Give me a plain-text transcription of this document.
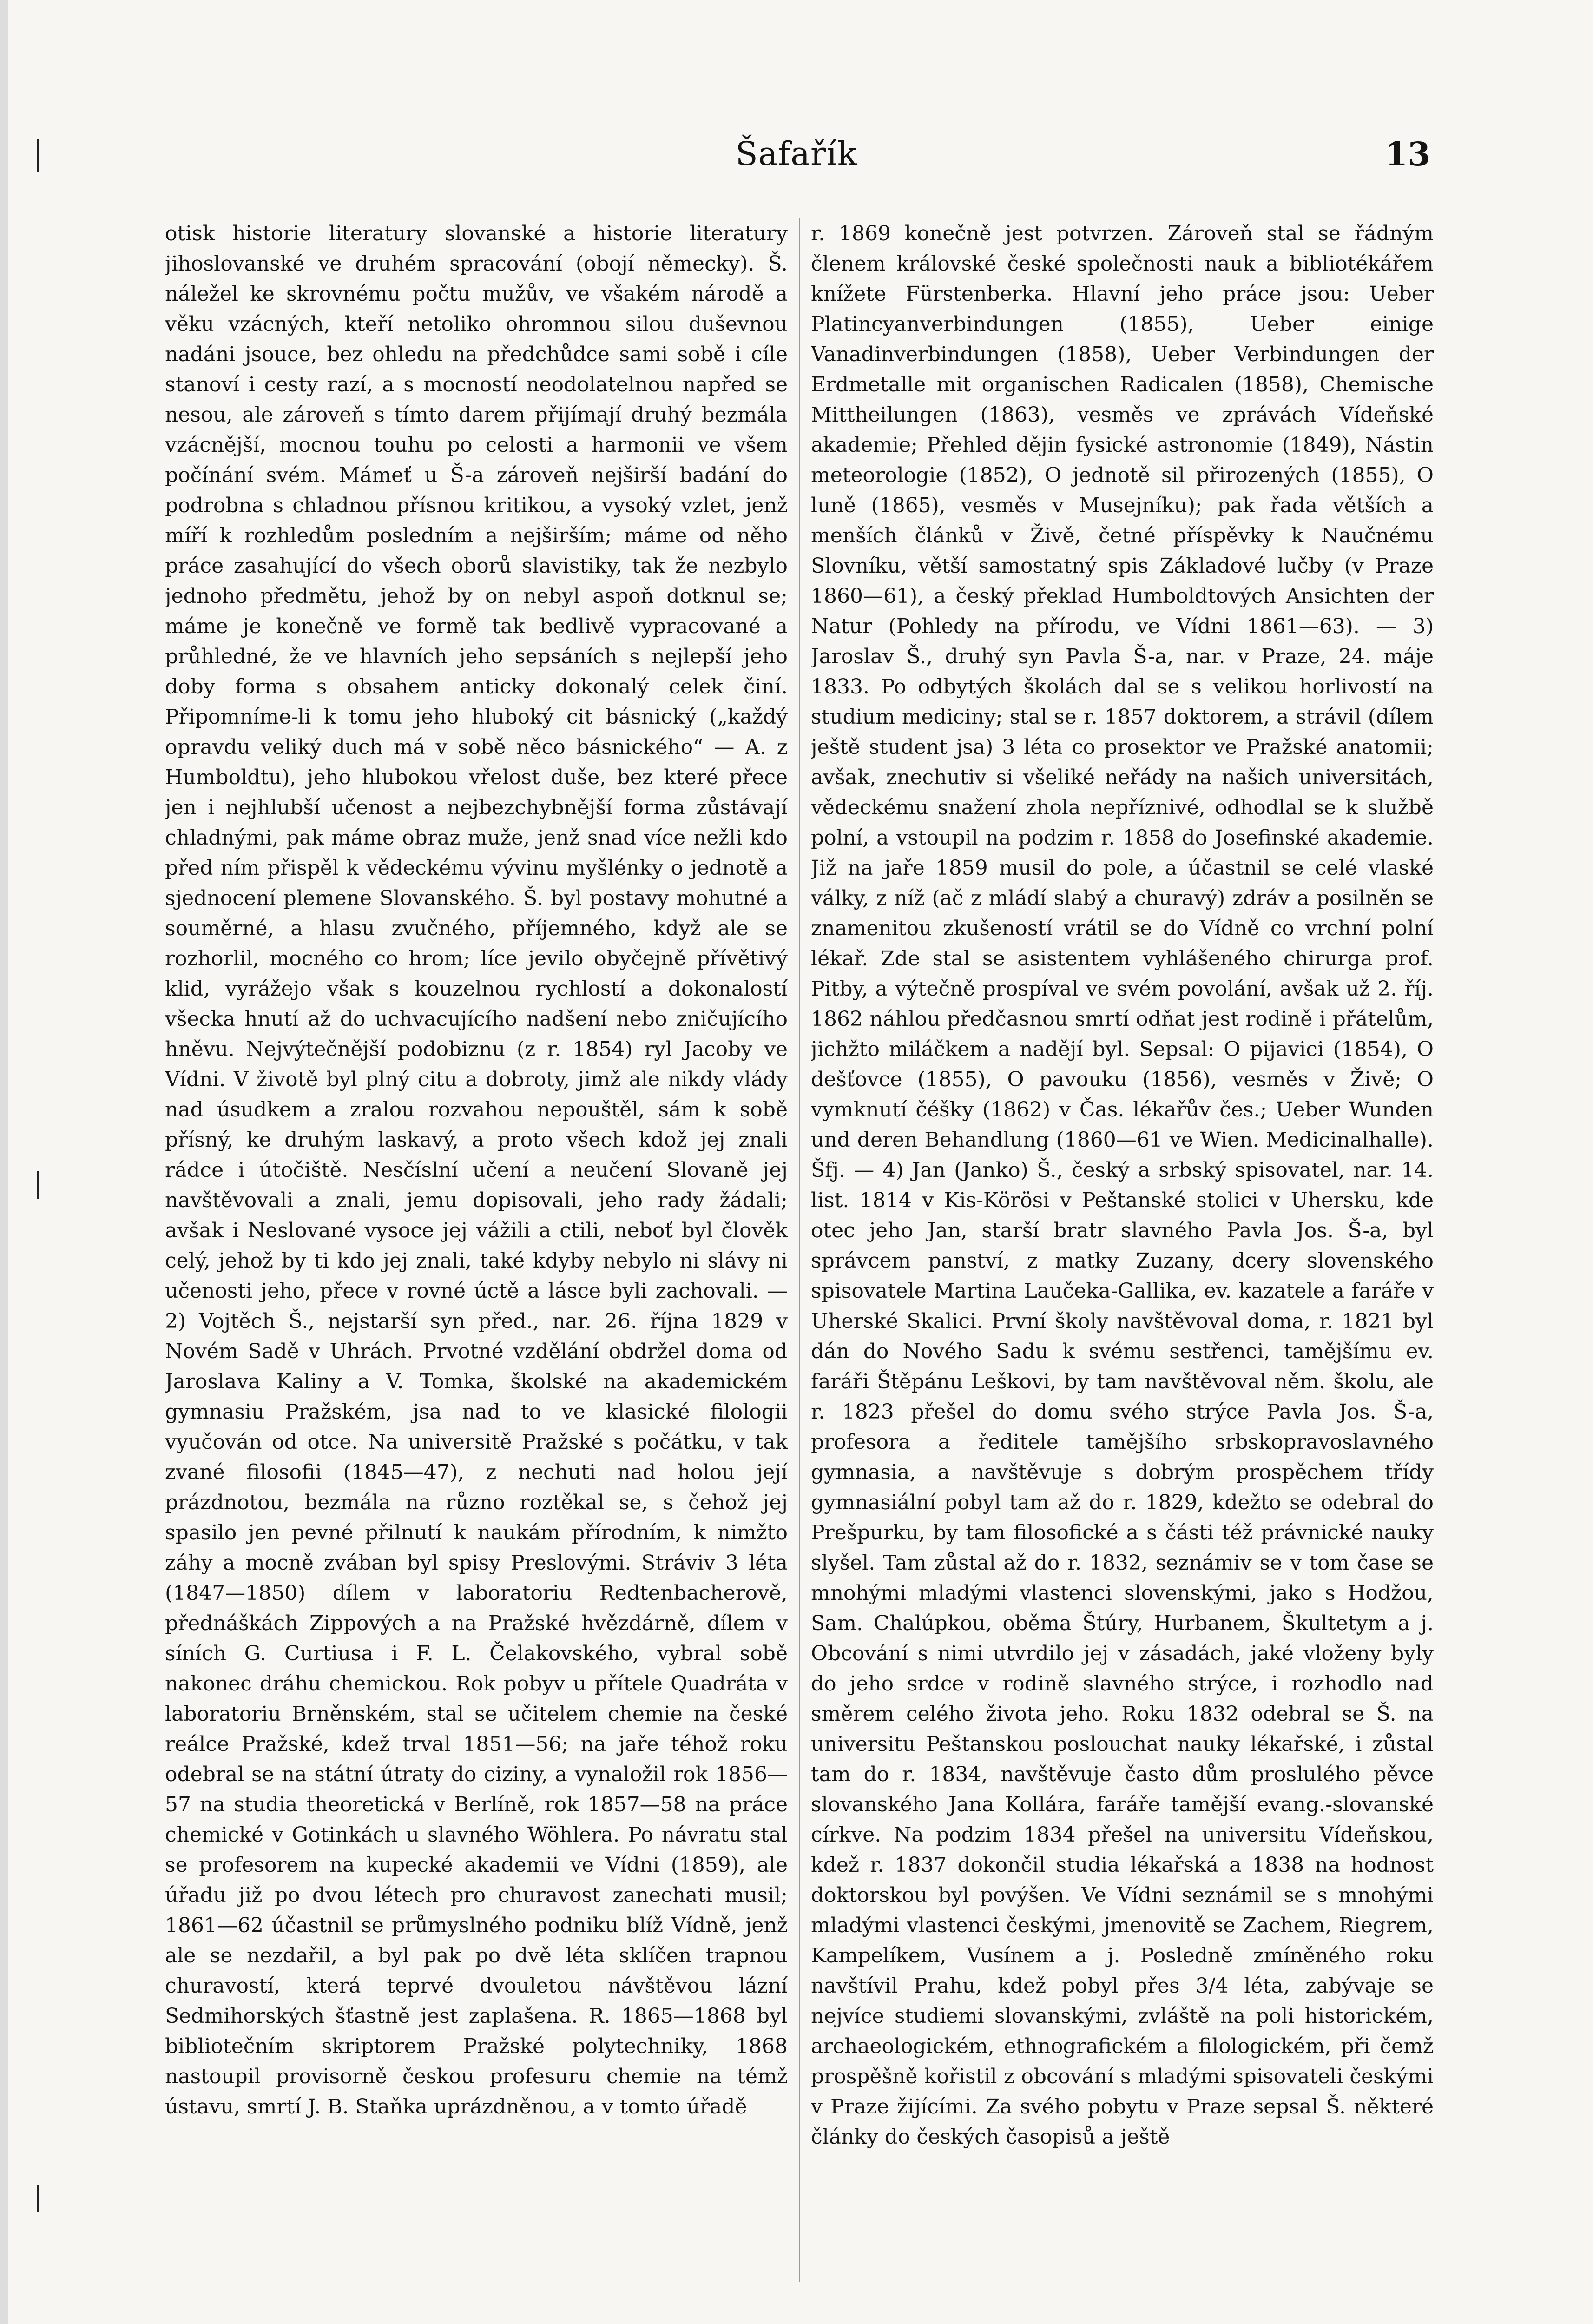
Šafařík	13

otisk historie literatury slovanské a historie literatury jihoslovanské ve druhém spracování (obojí německy). Š. náležel ke skrovnému počtu mužův, ve všakém národě a věku vzácných, kteří netoliko ohromnou silou duševnou nadáni jsouce, bez ohledu na předchůdce sami sobě i cíle stanoví i cesty razí, a s mocností neodolatelnou napřed se nesou, ale zároveň s tímto darem přijímají druhý bezmála vzácnější, mocnou touhu po celosti a harmonii ve všem počínání svém. Mámeť u Š-a zároveň nejširší badání do podrobna s chladnou přísnou kritikou, a vysoký vzlet, jenž míří k rozhledům posledním a nejširším; máme od něho práce zasahující do všech oborů slavistiky, tak že nezbylo jednoho předmětu, jehož by on nebyl aspoň dotknul se; máme je konečně ve formě tak bedlivě vypracované a průhledné, že ve hlavních jeho sepsáních s nejlepší jeho doby forma s obsahem anticky dokonalý celek činí. Připomníme-li k tomu jeho hluboký cit básnický („každý opravdu veliký duch má v sobě něco básnického“ — A. z Humboldtu), jeho hlubokou vřelost duše, bez které přece jen i nejhlubší učenost a nejbezchybnější forma zůstávají chladnými, pak máme obraz muže, jenž snad více nežli kdo před ním přispěl k vědeckému vývinu myšlénky o jednotě a sjednocení plemene Slovanského. Š. byl postavy mohutné a souměrné, a hlasu zvučného, příjemného, když ale se rozhorlil, mocného co hrom; líce jevilo obyčejně přívětivý klid, vyrážejo však s kouzelnou rychlostí a dokonalostí všecka hnutí až do uchvacujícího nadšení nebo zničujícího hněvu. Nejvýtečnější podobiznu (z r. 1854) ryl Jacoby ve Vídni. V životě byl plný citu a dobroty, jimž ale nikdy vlády nad úsudkem a zralou rozvahou nepouštěl, sám k sobě přísný, ke druhým laskavý, a proto všech kdož jej znali rádce i útočiště. Nesčíslní učení a neučení Slovaně jej navštěvovali a znali, jemu dopisovali, jeho rady žádali; avšak i Neslované vysoce jej vážili a ctili, neboť byl člověk celý, jehož by ti kdo jej znali, také kdyby nebylo ni slávy ni učenosti jeho, přece v rovné úctě a lásce byli zachovali. — 2) Vojtěch Š., nejstarší syn před., nar. 26. října 1829 v Novém Sadě v Uhrách. Prvotné vzdělání obdržel doma od Jaroslava Kaliny a V. Tomka, školské na akademickém gymnasiu Pražském, jsa nad to ve klasické filologii vyučován od otce. Na universitě Pražské s počátku, v tak zvané filosofii (1845—47), z nechuti nad holou její prázdnotou, bezmála na různo roztěkal se, s čehož jej spasilo jen pevné přilnutí k naukám přírodním, k nimžto záhy a mocně zvában byl spisy Preslovými. Stráviv 3 léta (1847—1850) dílem v laboratoriu Redtenbacherově, přednáškách Zippových a na Pražské hvězdárně, dílem v síních G. Curtiusa i F. L. Čelakovského, vybral sobě nakonec dráhu chemickou. Rok pobyv u přítele Quadráta v laboratoriu Brněnském, stal se učitelem chemie na české reálce Pražské, kdež trval 1851—56; na jaře téhož roku odebral se na státní útraty do ciziny, a vynaložil rok 1856—57 na studia theoretická v Berlíně, rok 1857—58 na práce chemické v Gotinkách u slavného Wöhlera. Po návratu stal se profesorem na kupecké akademii ve Vídni (1859), ale úřadu již po dvou létech pro churavost zanechati musil; 1861—62 účastnil se průmyslného podniku blíž Vídně, jenž ale se nezdařil, a byl pak po dvě léta sklíčen trapnou churavostí, která teprvé dvouletou návštěvou lázní Sedmihorských šťastně jest zaplašena. R. 1865—1868 byl bibliotečním skriptorem Pražské polytechniky, 1868 nastoupil provisorně českou profesuru chemie na témž ústavu, smrtí J. B. Staňka uprázdněnou, a v tomto úřadě

r. 1869 konečně jest potvrzen. Zároveň stal se řádným členem královské české společnosti nauk a bibliotékářem knížete Fürstenberka. Hlavní jeho práce jsou: Ueber Platincyanverbindungen (1855), Ueber einige Vanadinverbindungen (1858), Ueber Verbindungen der Erdmetalle mit organischen Radicalen (1858), Chemische Mittheilungen (1863), vesměs ve zprávách Vídeňské akademie; Přehled dějin fysické astronomie (1849), Nástin meteorologie (1852), O jednotě sil přirozených (1855), O luně (1865), vesměs v Musejníku); pak řada větších a menších článků v Živě, četné příspěvky k Naučnému Slovníku, větší samostatný spis Základové lučby (v Praze 1860—61), a český překlad Humboldtových Ansichten der Natur (Pohledy na přírodu, ve Vídni 1861—63). — 3) Jaroslav Š., druhý syn Pavla Š-a, nar. v Praze, 24. máje 1833. Po odbytých školách dal se s velikou horlivostí na studium mediciny; stal se r. 1857 doktorem, a strávil (dílem ještě student jsa) 3 léta co prosektor ve Pražské anatomii; avšak, znechutiv si všeliké neřády na našich universitách, vědeckému snažení zhola nepříznivé, odhodlal se k službě polní, a vstoupil na podzim r. 1858 do Josefinské akademie. Již na jaře 1859 musil do pole, a účastnil se celé vlaské války, z níž (ač z mládí slabý a churavý) zdráv a posilněn se znamenitou zkušeností vrátil se do Vídně co vrchní polní lékař. Zde stal se asistentem vyhlášeného chirurga prof. Pitby, a výtečně prospíval ve svém povolání, avšak už 2. říj. 1862 náhlou předčasnou smrtí odňat jest rodině i přátelům, jichžto miláčkem a nadějí byl. Sepsal: O pijavici (1854), O dešťovce (1855), O pavouku (1856), vesměs v Živě; O vymknutí čéšky (1862) v Čas. lékařův čes.; Ueber Wunden und deren Behandlung (1860—61 ve Wien. Medicinalhalle). Šfj. — 4) Jan (Janko) Š., český a srbský spisovatel, nar. 14. list. 1814 v Kis-Körösi v Peštanské stolici v Uhersku, kde otec jeho Jan, starší bratr slavného Pavla Jos. Š-a, byl správcem panství, z matky Zuzany, dcery slovenského spisovatele Martina Laučeka-Gallika, ev. kazatele a faráře v Uherské Skalici. První školy navštěvoval doma, r. 1821 byl dán do Nového Sadu k svému sestřenci, tamějšímu ev. faráři Štěpánu Leškovi, by tam navštěvoval něm. školu, ale r. 1823 přešel do domu svého strýce Pavla Jos. Š-a, profesora a ředitele tamějšího srbskopravoslavného gymnasia, a navštěvuje s dobrým prospěchem třídy gymnasiální pobyl tam až do r. 1829, kdežto se odebral do Prešpurku, by tam filosofické a s části též právnické nauky slyšel. Tam zůstal až do r. 1832, seznámiv se v tom čase se mnohými mladými vlastenci slovenskými, jako s Hodžou, Sam. Chalúpkou, oběma Štúry, Hurbanem, Škultetym a j. Obcování s nimi utvrdilo jej v zásadách, jaké vloženy byly do jeho srdce v rodině slavného strýce, i rozhodlo nad směrem celého života jeho. Roku 1832 odebral se Š. na universitu Peštanskou poslouchat nauky lékařské, i zůstal tam do r. 1834, navštěvuje často dům proslulého pěvce slovanského Jana Kollára, faráře tamější evang.-slovanské církve. Na podzim 1834 přešel na universitu Vídeňskou, kdež r. 1837 dokončil studia lékařská a 1838 na hodnost doktorskou byl povýšen. Ve Vídni seznámil se s mnohými mladými vlastenci českými, jmenovitě se Zachem, Riegrem, Kampelíkem, Vusínem a j. Posledně zmíněného roku navštívil Prahu, kdež pobyl přes 3/4 léta, zabývaje se nejvíce studiemi slovanskými, zvláště na poli historickém, archaeologickém, ethnografickém a filologickém, při čemž prospěšně kořistil z obcování s mladými spisovateli českými v Praze žijícími. Za svého pobytu v Praze sepsal Š. některé články do českých časopisů a ještě
